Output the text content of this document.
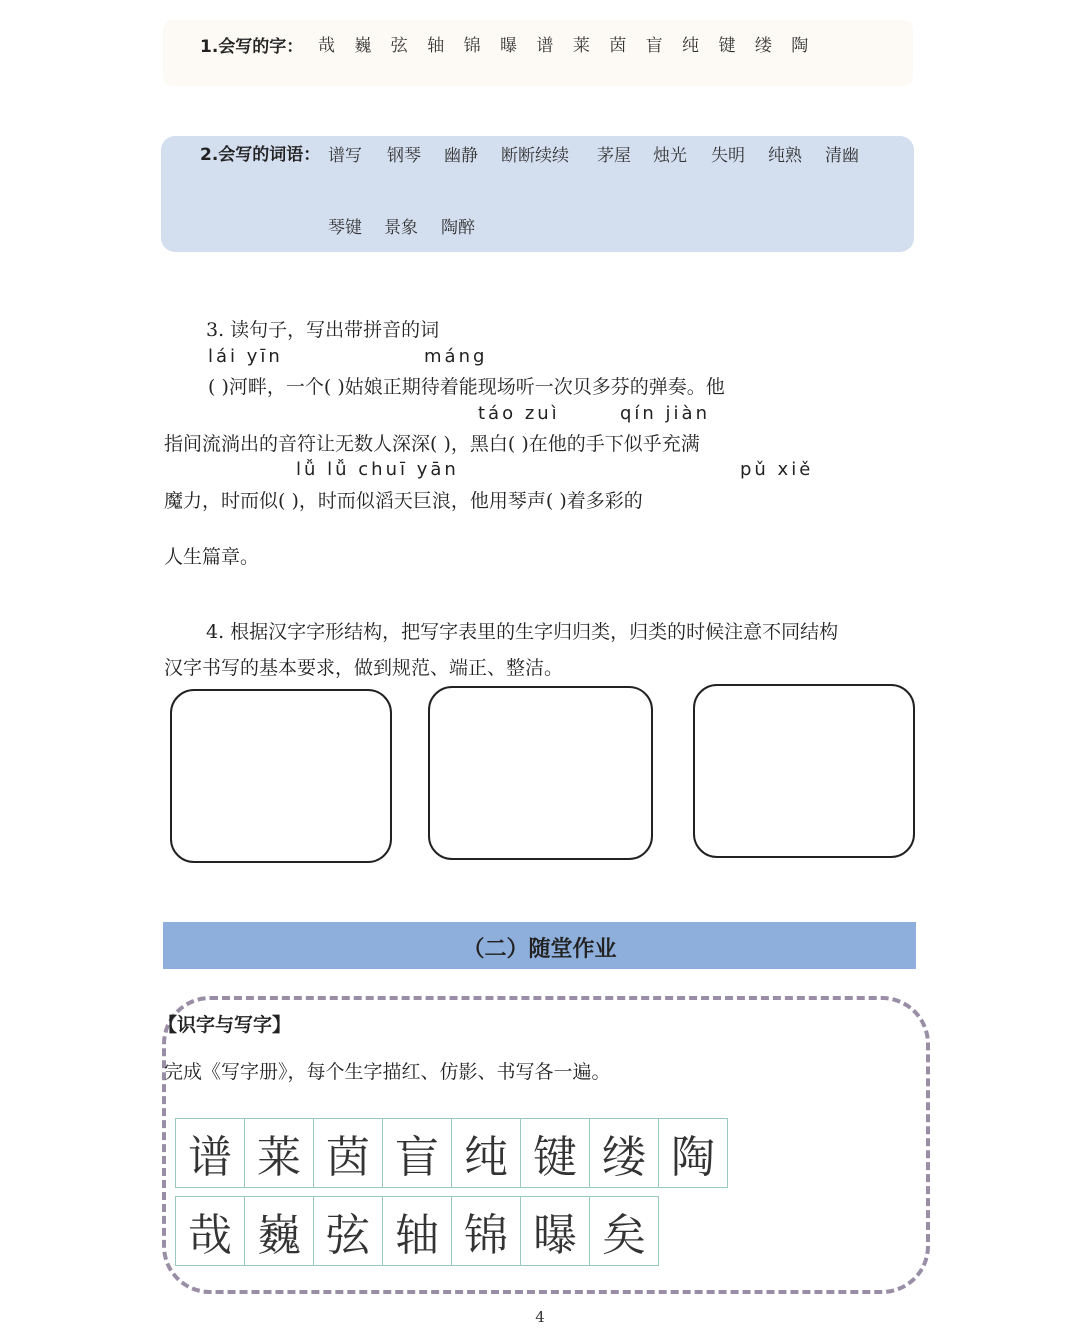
1.会写的字： 哉 巍 弦 轴 锦 曝 谱 莱 茵 盲 纯 键 缕 陶
2.会写的词语： 谱写 钢琴 幽静 断断续续 茅屋 烛光 失明 纯熟 清幽
琴键 景象 陶醉
3. 读句子，写出带拼音的词
lái yīn	máng
( )河畔，一个( )姑娘正期待着能现场听一次贝多芬的弹奏。他
táo zuì	qín jiàn
指间流淌出的音符让无数人深深( )，黑白( )在他的手下似乎充满
lǚ lǚ chuī yān	pǔ xiě
魔力，时而似( )，时而似滔天巨浪，他用琴声( )着多彩的
人生篇章。
4. 根据汉字字形结构，把写字表里的生字归归类，归类的时候注意不同结构
汉字书写的基本要求，做到规范、端正、整洁。
（二）随堂作业
【识字与写字】
完成《写字册》，每个生字描红、仿影、书写各一遍。
谱 莱 茵 盲 纯 键 缕 陶
哉 巍 弦 轴 锦 曝 矣
4
